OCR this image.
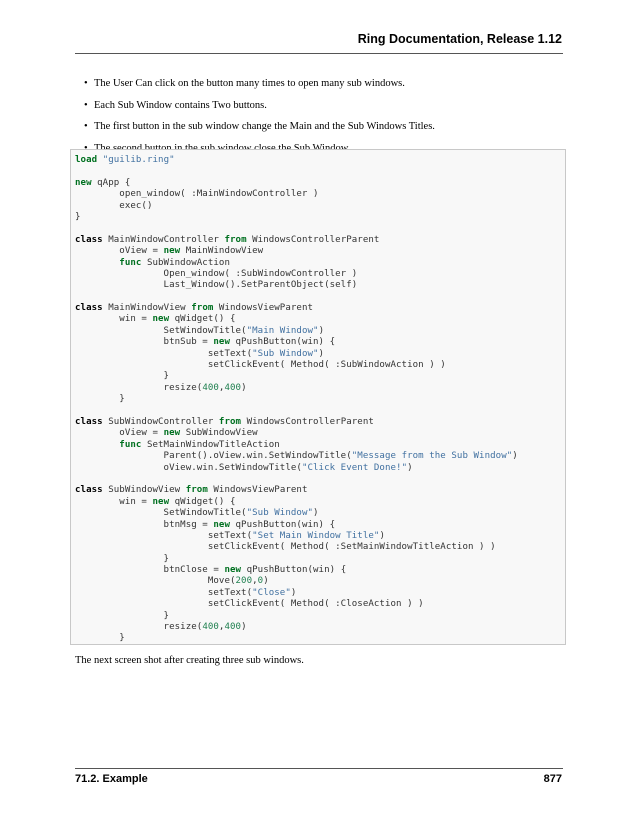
Ring Documentation, Release 1.12
• The User Can click on the button many times to open many sub windows.
• Each Sub Window contains Two buttons.
• The first button in the sub window change the Main and the Sub Windows Titles.
load "guilib.ring"

new qApp {
open_window( :MainWindowController )
exec()
}

class MainWindowController from WindowsControllerParent
oView = new MainWindowView
func SubWindowAction
Open_window( :SubWindowController )
Last_Window().SetParentObject(self)

class MainWindowView from WindowsViewParent
win = new qWidget() {
SetWindowTitle("Main Window")
btnSub = new qPushButton(win) {
setText("Sub Window")
setClickEvent( Method( :SubWindowAction ) )
}
resize(400,400)
}

class SubWindowController from WindowsControllerParent
oView = new SubWindowView
func SetMainWindowTitleAction
Parent().oView.win.SetWindowTitle("Message from the Sub Window")
oView.win.SetWindowTitle("Click Event Done!")

class SubWindowView from WindowsViewParent
win = new qWidget() {
SetWindowTitle("Sub Window")
btnMsg = new qPushButton(win) {
setText("Set Main Window Title")
setClickEvent( Method( :SetMainWindowTitleAction ) )
}
btnClose = new qPushButton(win) {
Move(200,0)
setText("Close")
setClickEvent( Method( :CloseAction ) )
}
resize(400,400)
}
The next screen shot after creating three sub windows.
71.2. Example	877
